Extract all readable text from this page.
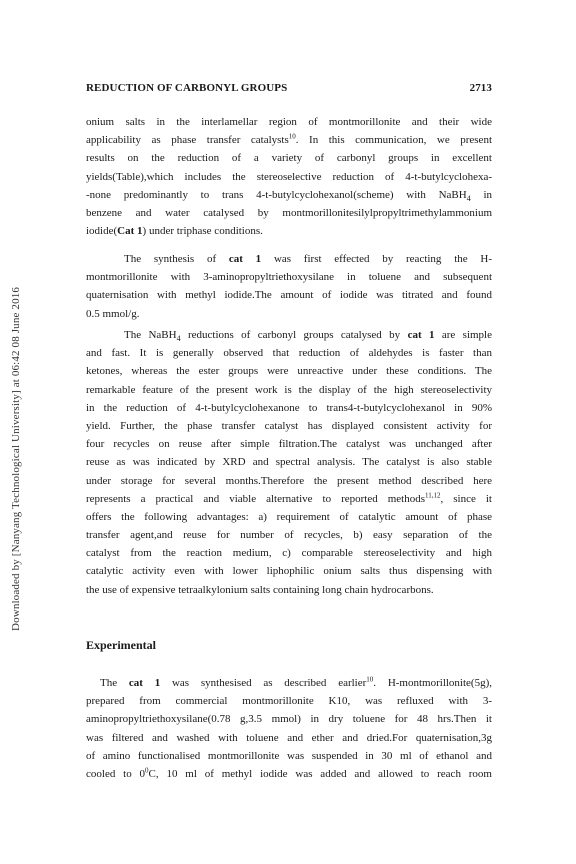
Downloaded by [Nanyang Technological University] at 06:42 08 June 2016
REDUCTION OF CARBONYL GROUPS	2713
onium salts in the interlamellar region of montmorillonite and their wide
applicability as phase transfer catalysts$^{10}$. In this communication, we present
results on the reduction of a variety of carbonyl groups in excellent
yields(Table),which includes the stereoselective reduction of 4-t-butylcyclohexa-
-none predominantly to trans 4-t-butylcyclohexanol(scheme) with NaBH$_4$ in
benzene and water catalysed by montmorillonitesilylpropyltrimethylammonium
iodide(Cat 1) under triphase conditions.
The synthesis of cat 1 was first effected by reacting the H-
montmorillonite with 3-aminopropyltriethoxysilane in toluene and subsequent
quaternisation with methyl iodide.The amount of iodide was titrated and found
0.5 mmol/g.
The NaBH$_4$ reductions of carbonyl groups catalysed by cat 1 are simple
and fast. It is generally observed that reduction of aldehydes is faster than
ketones, whereas the ester groups were unreactive under these conditions. The
remarkable feature of the present work is the display of the high stereoselectivity
in the reduction of 4-t-butylcyclohexanone to trans4-t-butylcyclohexanol in 90%
yield. Further, the phase transfer catalyst has displayed consistent activity for
four recycles on reuse after simple filtration.The catalyst was unchanged after
reuse as was indicated by XRD and spectral analysis. The catalyst is also stable
under storage for several months.Therefore the present method described here
represents a practical and viable alternative to reported methods$^{11,12}$, since it
offers the following advantages: a) requirement of catalytic amount of phase
transfer agent,and reuse for number of recycles, b) easy separation of the
catalyst from the reaction medium, c) comparable stereoselectivity and high
catalytic activity even with lower liphophilic onium salts thus dispensing with
the use of expensive tetraalkylonium salts containing long chain hydrocarbons.
Experimental
The cat 1 was synthesised as described earlier$^{10}$. H-montmorillonite(5g),
prepared from commercial montmorillonite K10, was refluxed with 3-
aminopropyltriethoxysilane(0.78 g,3.5 mmol) in dry toluene for 48 hrs.Then it
was filtered and washed with toluene and ether and dried.For quaternisation,3g
of amino functionalised montmorillonite was suspended in 30 ml of ethanol and
cooled to $0^0C$, 10 ml of methyl iodide was added and allowed to reach room
